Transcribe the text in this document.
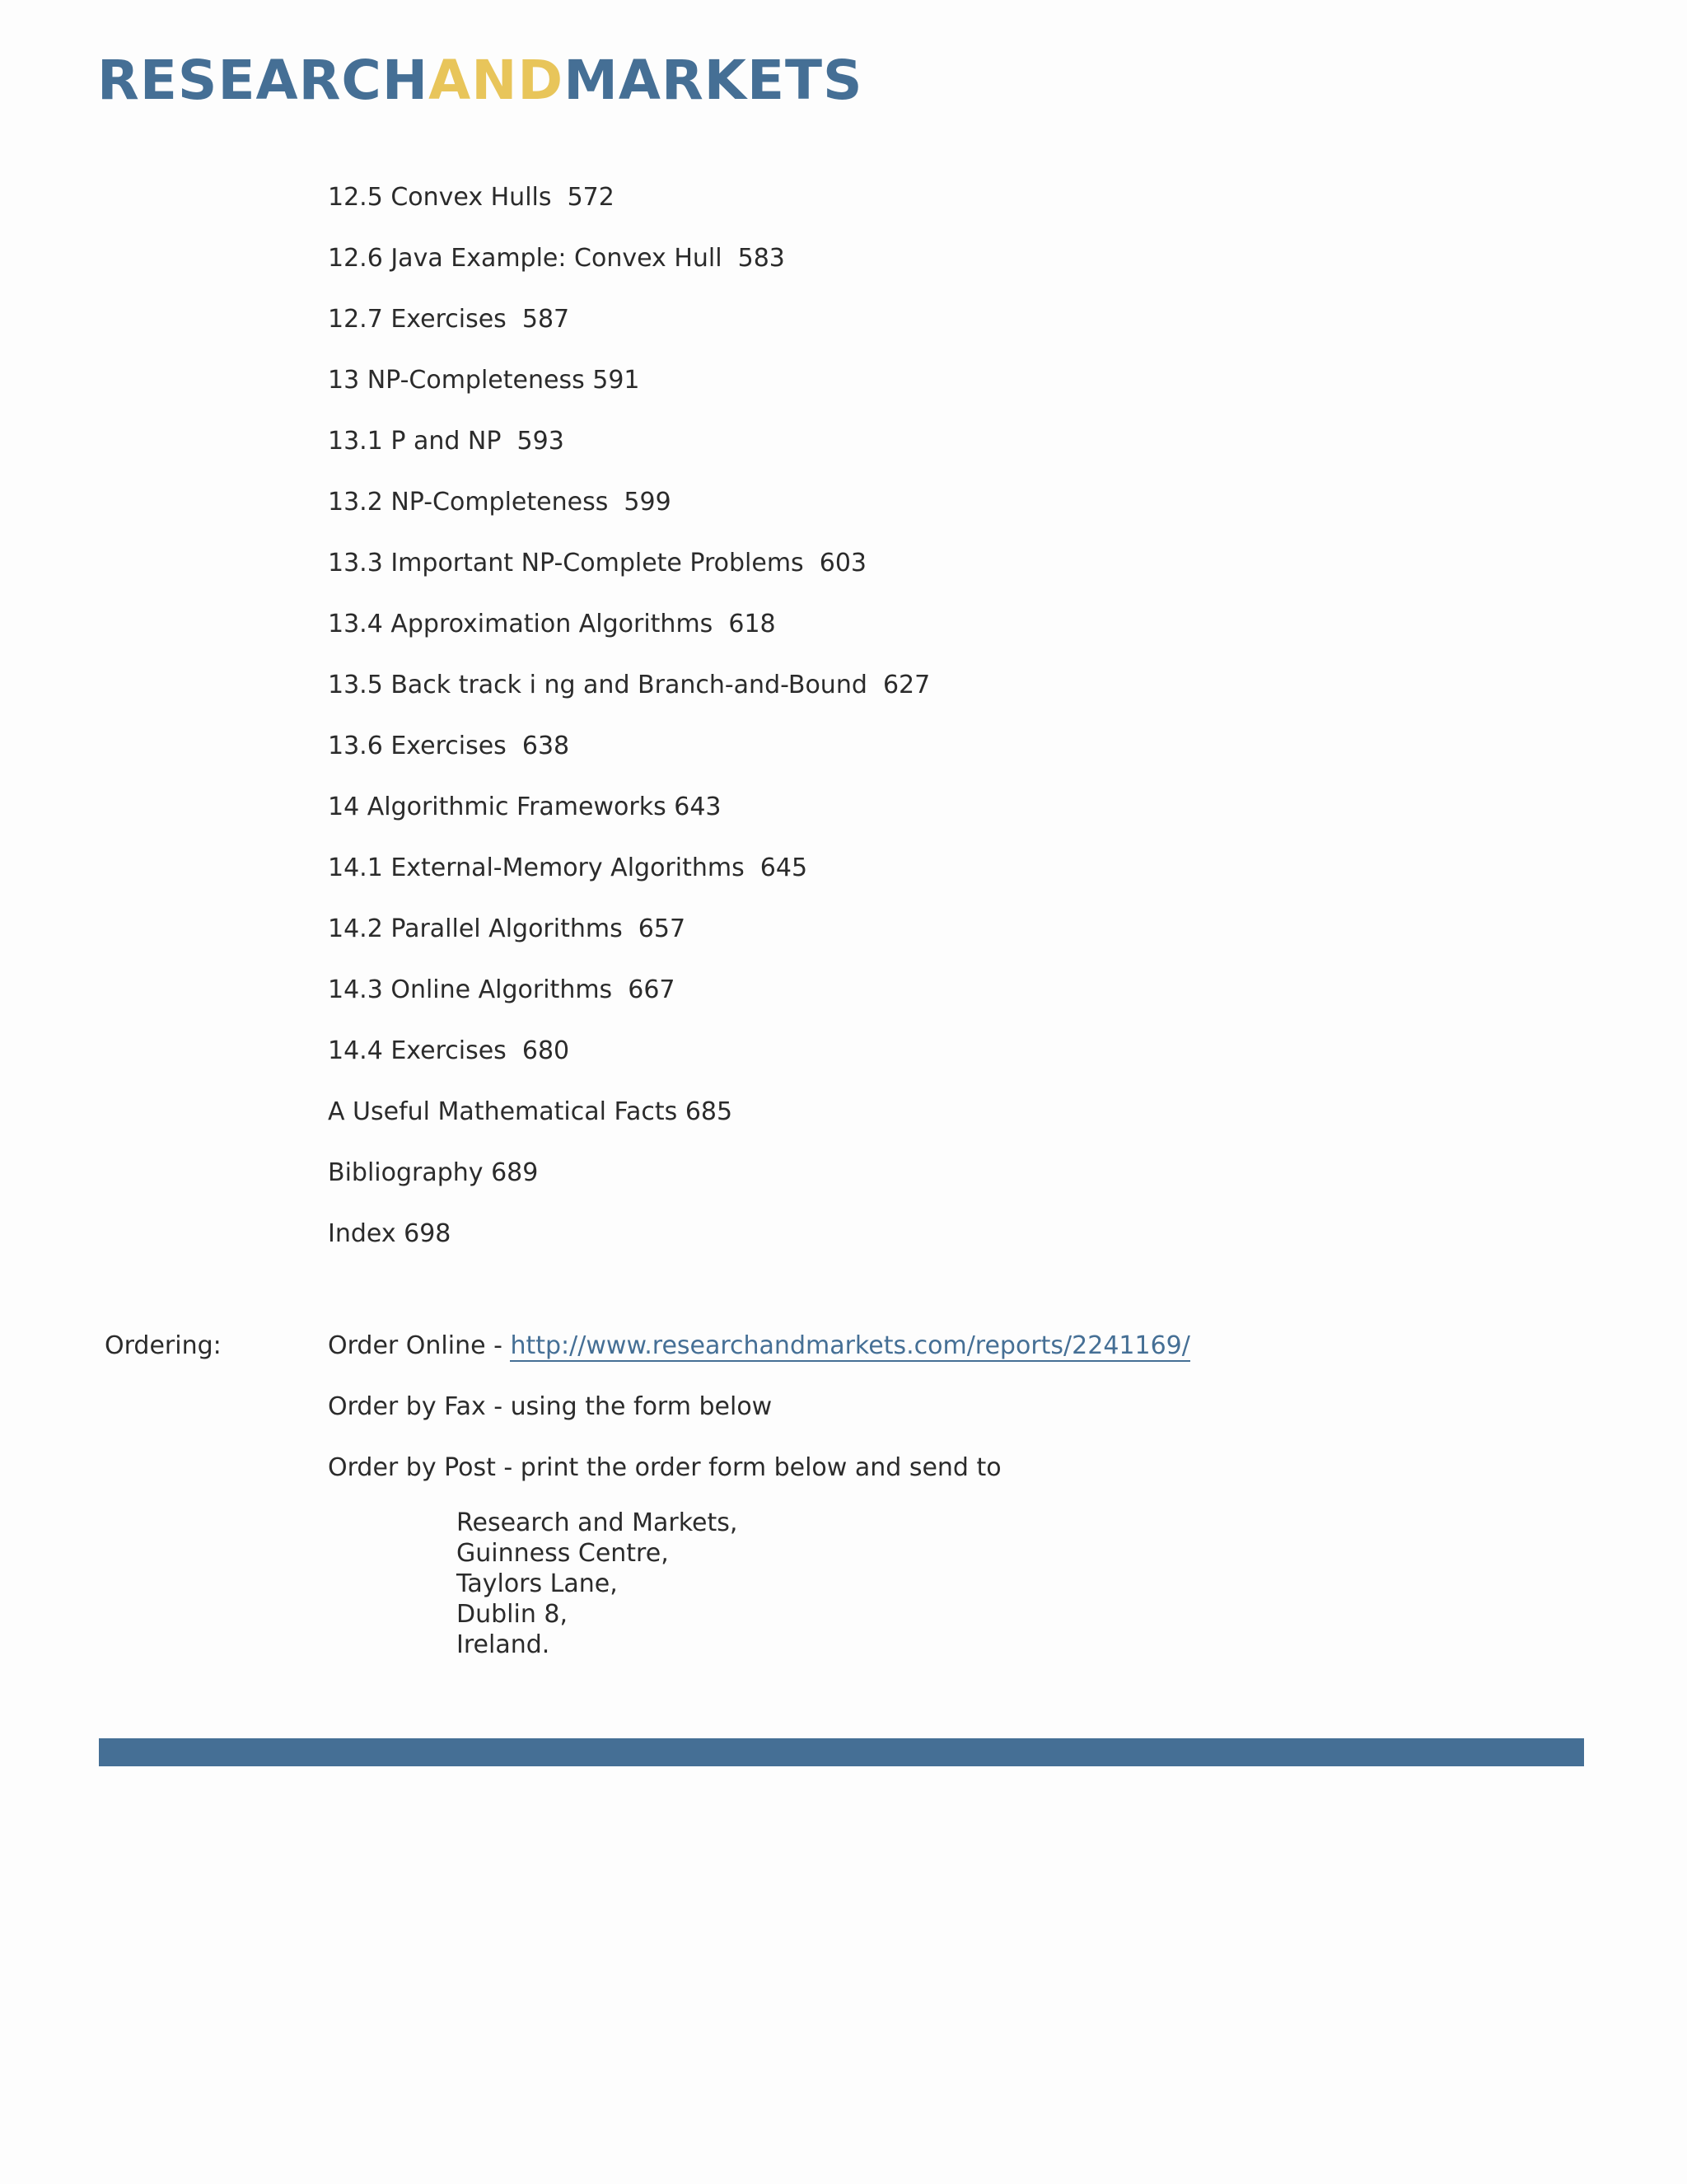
RESEARCHANDMARKETS
12.5 Convex Hulls  572
12.6 Java Example: Convex Hull  583
12.7 Exercises  587
13 NP-Completeness 591
13.1 P and NP  593
13.2 NP-Completeness  599
13.3 Important NP-Complete Problems  603
13.4 Approximation Algorithms  618
13.5 Back track i ng and Branch-and-Bound  627
13.6 Exercises  638
14 Algorithmic Frameworks 643
14.1 External-Memory Algorithms  645
14.2 Parallel Algorithms  657
14.3 Online Algorithms  667
14.4 Exercises  680
A Useful Mathematical Facts 685
Bibliography 689
Index 698
Ordering:	Order Online - http://www.researchandmarkets.com/reports/2241169/
Order by Fax - using the form below
Order by Post - print the order form below and send to
Research and Markets,
Guinness Centre,
Taylors Lane,
Dublin 8,
Ireland.
